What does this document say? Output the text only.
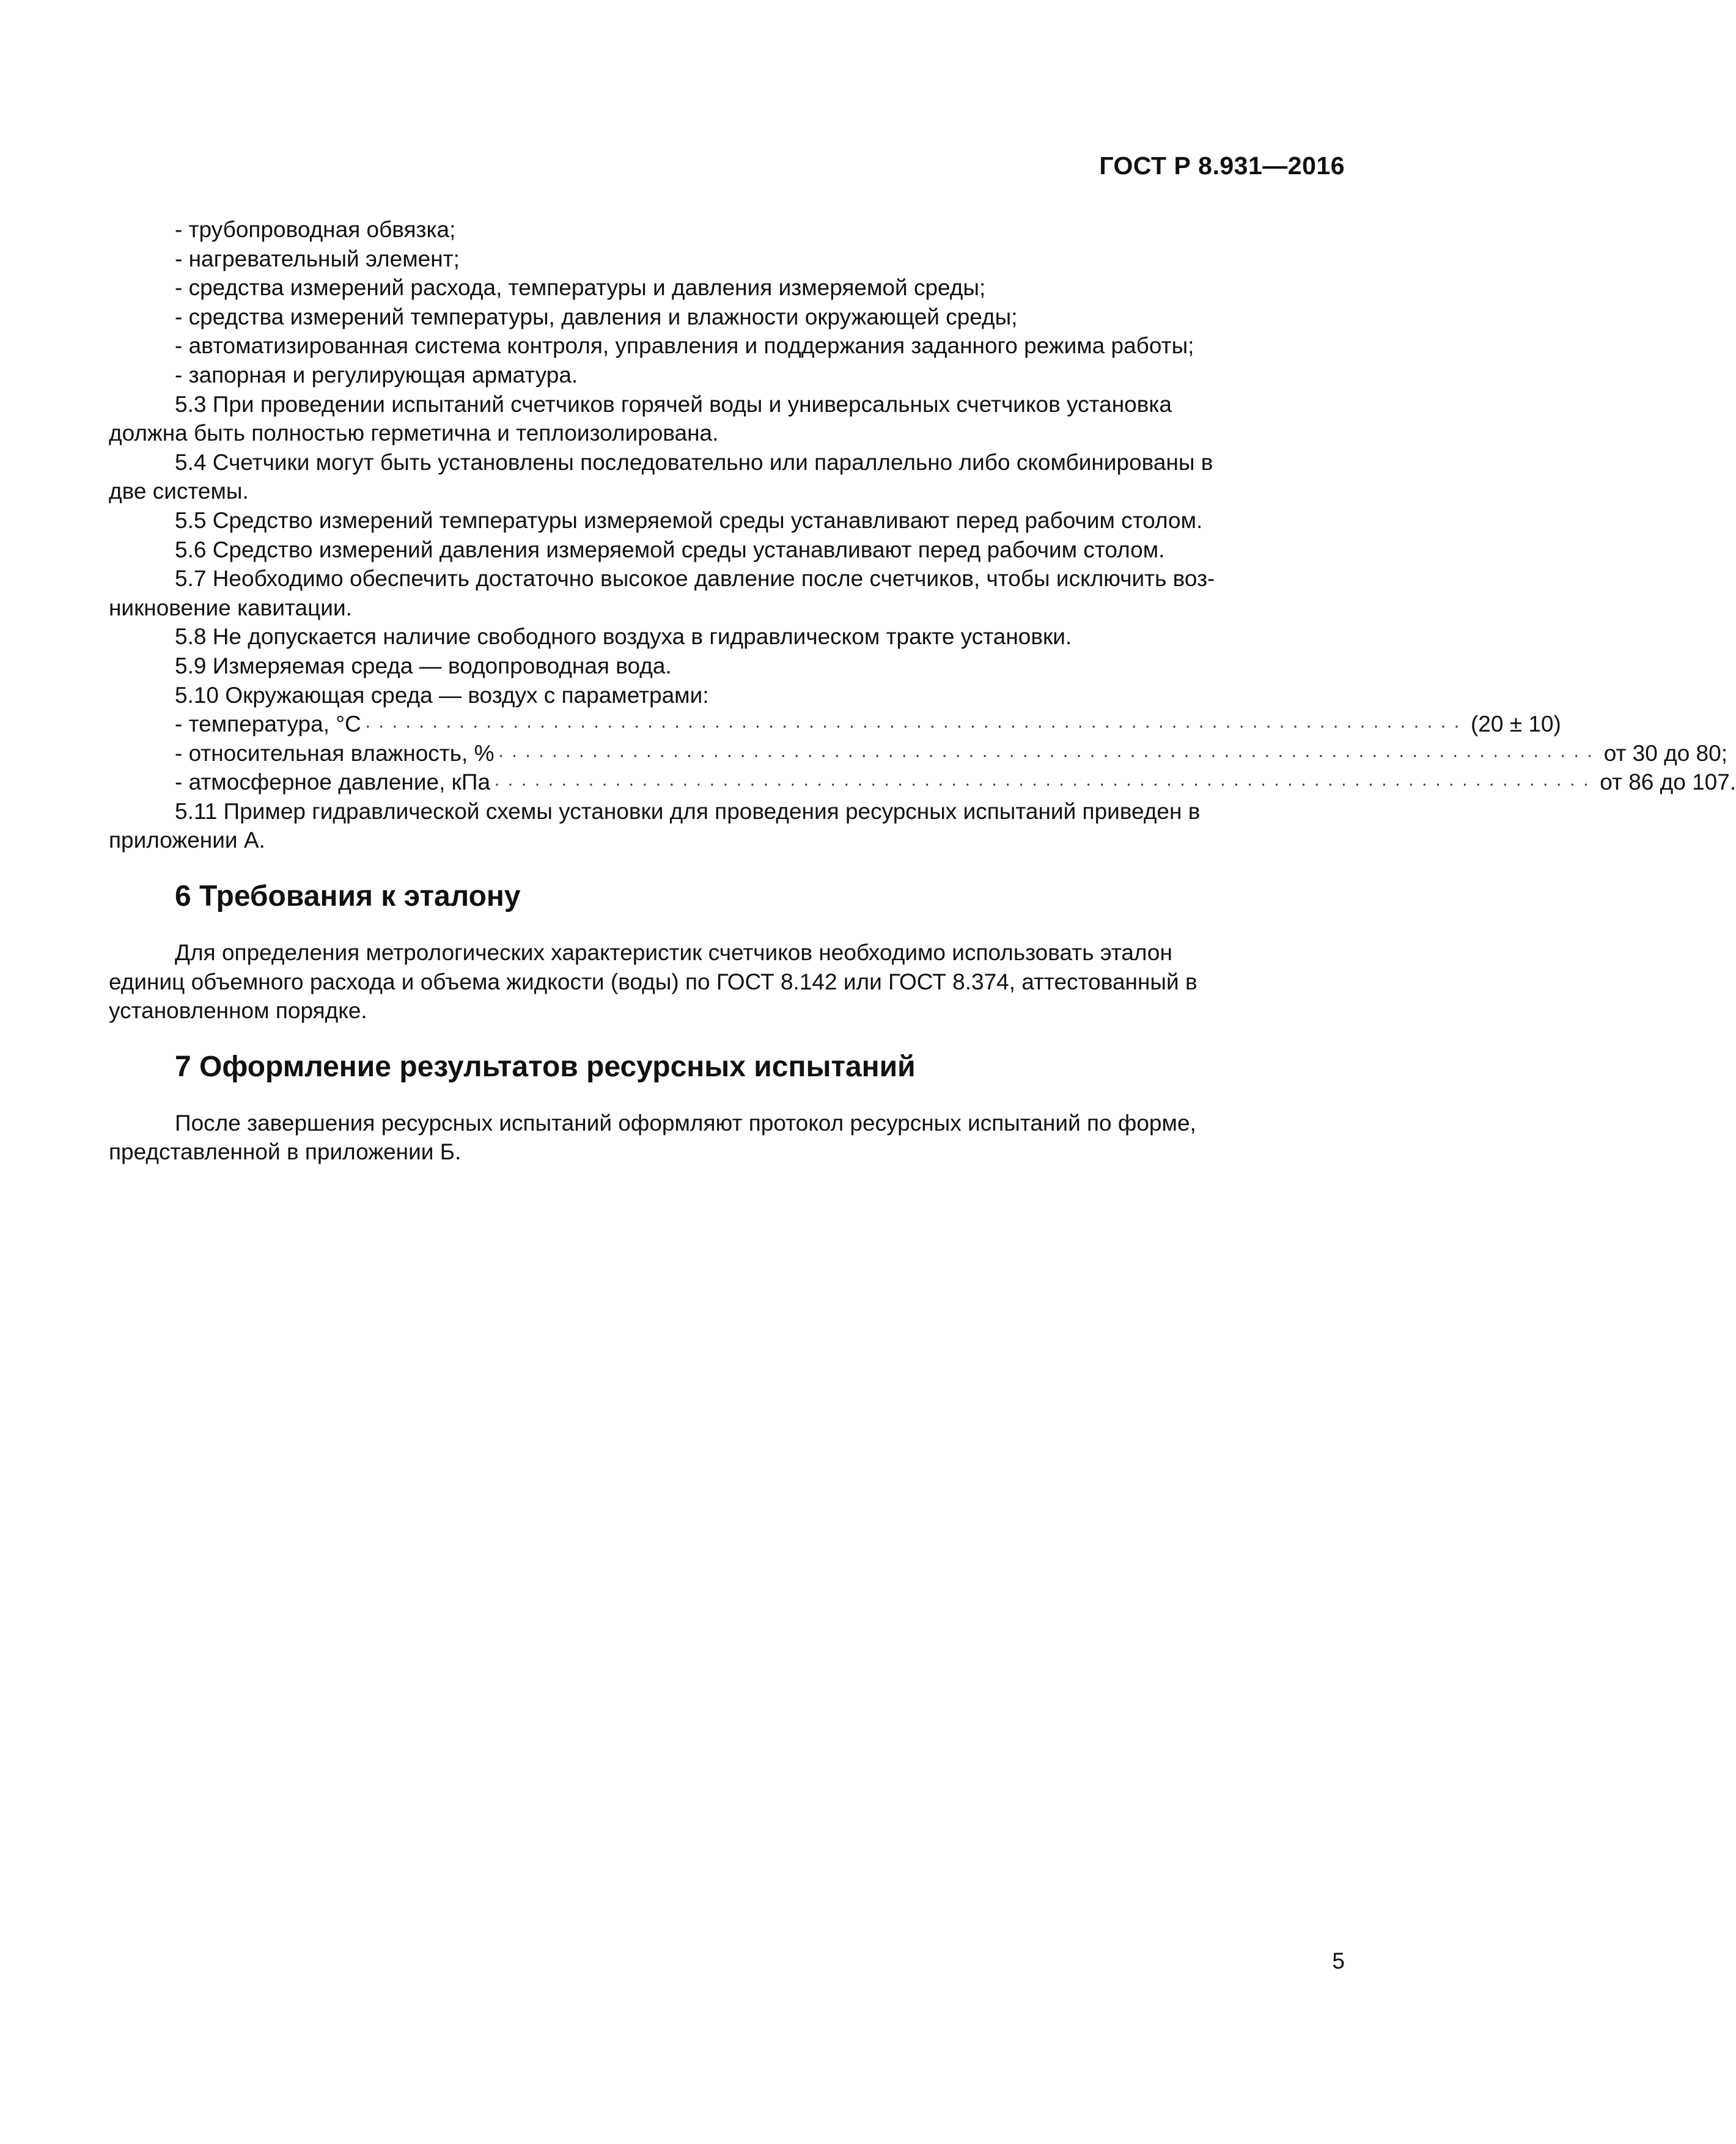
ГОСТ Р 8.931—2016
- трубопроводная обвязка;
- нагревательный элемент;
- средства измерений расхода, температуры и давления измеряемой среды;
- средства измерений температуры, давления и влажности окружающей среды;
- автоматизированная система контроля, управления и поддержания заданного режима работы;
- запорная и регулирующая арматура.
5.3 При проведении испытаний счетчиков горячей воды и универсальных счетчиков установка
должна быть полностью герметична и теплоизолирована.
5.4 Счетчики могут быть установлены последовательно или параллельно либо скомбинированы в
две системы.
5.5 Средство измерений температуры измеряемой среды устанавливают перед рабочим столом.
5.6 Средство измерений давления измеряемой среды устанавливают перед рабочим столом.
5.7 Необходимо обеспечить достаточно высокое давление после счетчиков, чтобы исключить воз-
никновение кавитации.
5.8 Не допускается наличие свободного воздуха в гидравлическом тракте установки.
5.9 Измеряемая среда — водопроводная вода.
5.10 Окружающая среда — воздух с параметрами:
- температура, °С ·················································································· (20 ± 10)
- относительная влажность, % ·················································································· от 30 до 80;
- атмосферное давление, кПа ·················································································· от 86 до 107.
5.11 Пример гидравлической схемы установки для проведения ресурсных испытаний приведен в
приложении А.
6 Требования к эталону
Для определения метрологических характеристик счетчиков необходимо использовать эталон
единиц объемного расхода и объема жидкости (воды) по ГОСТ 8.142 или ГОСТ 8.374, аттестованный в
установленном порядке.
7 Оформление результатов ресурсных испытаний
После завершения ресурсных испытаний оформляют протокол ресурсных испытаний по форме,
представленной в приложении Б.
5
